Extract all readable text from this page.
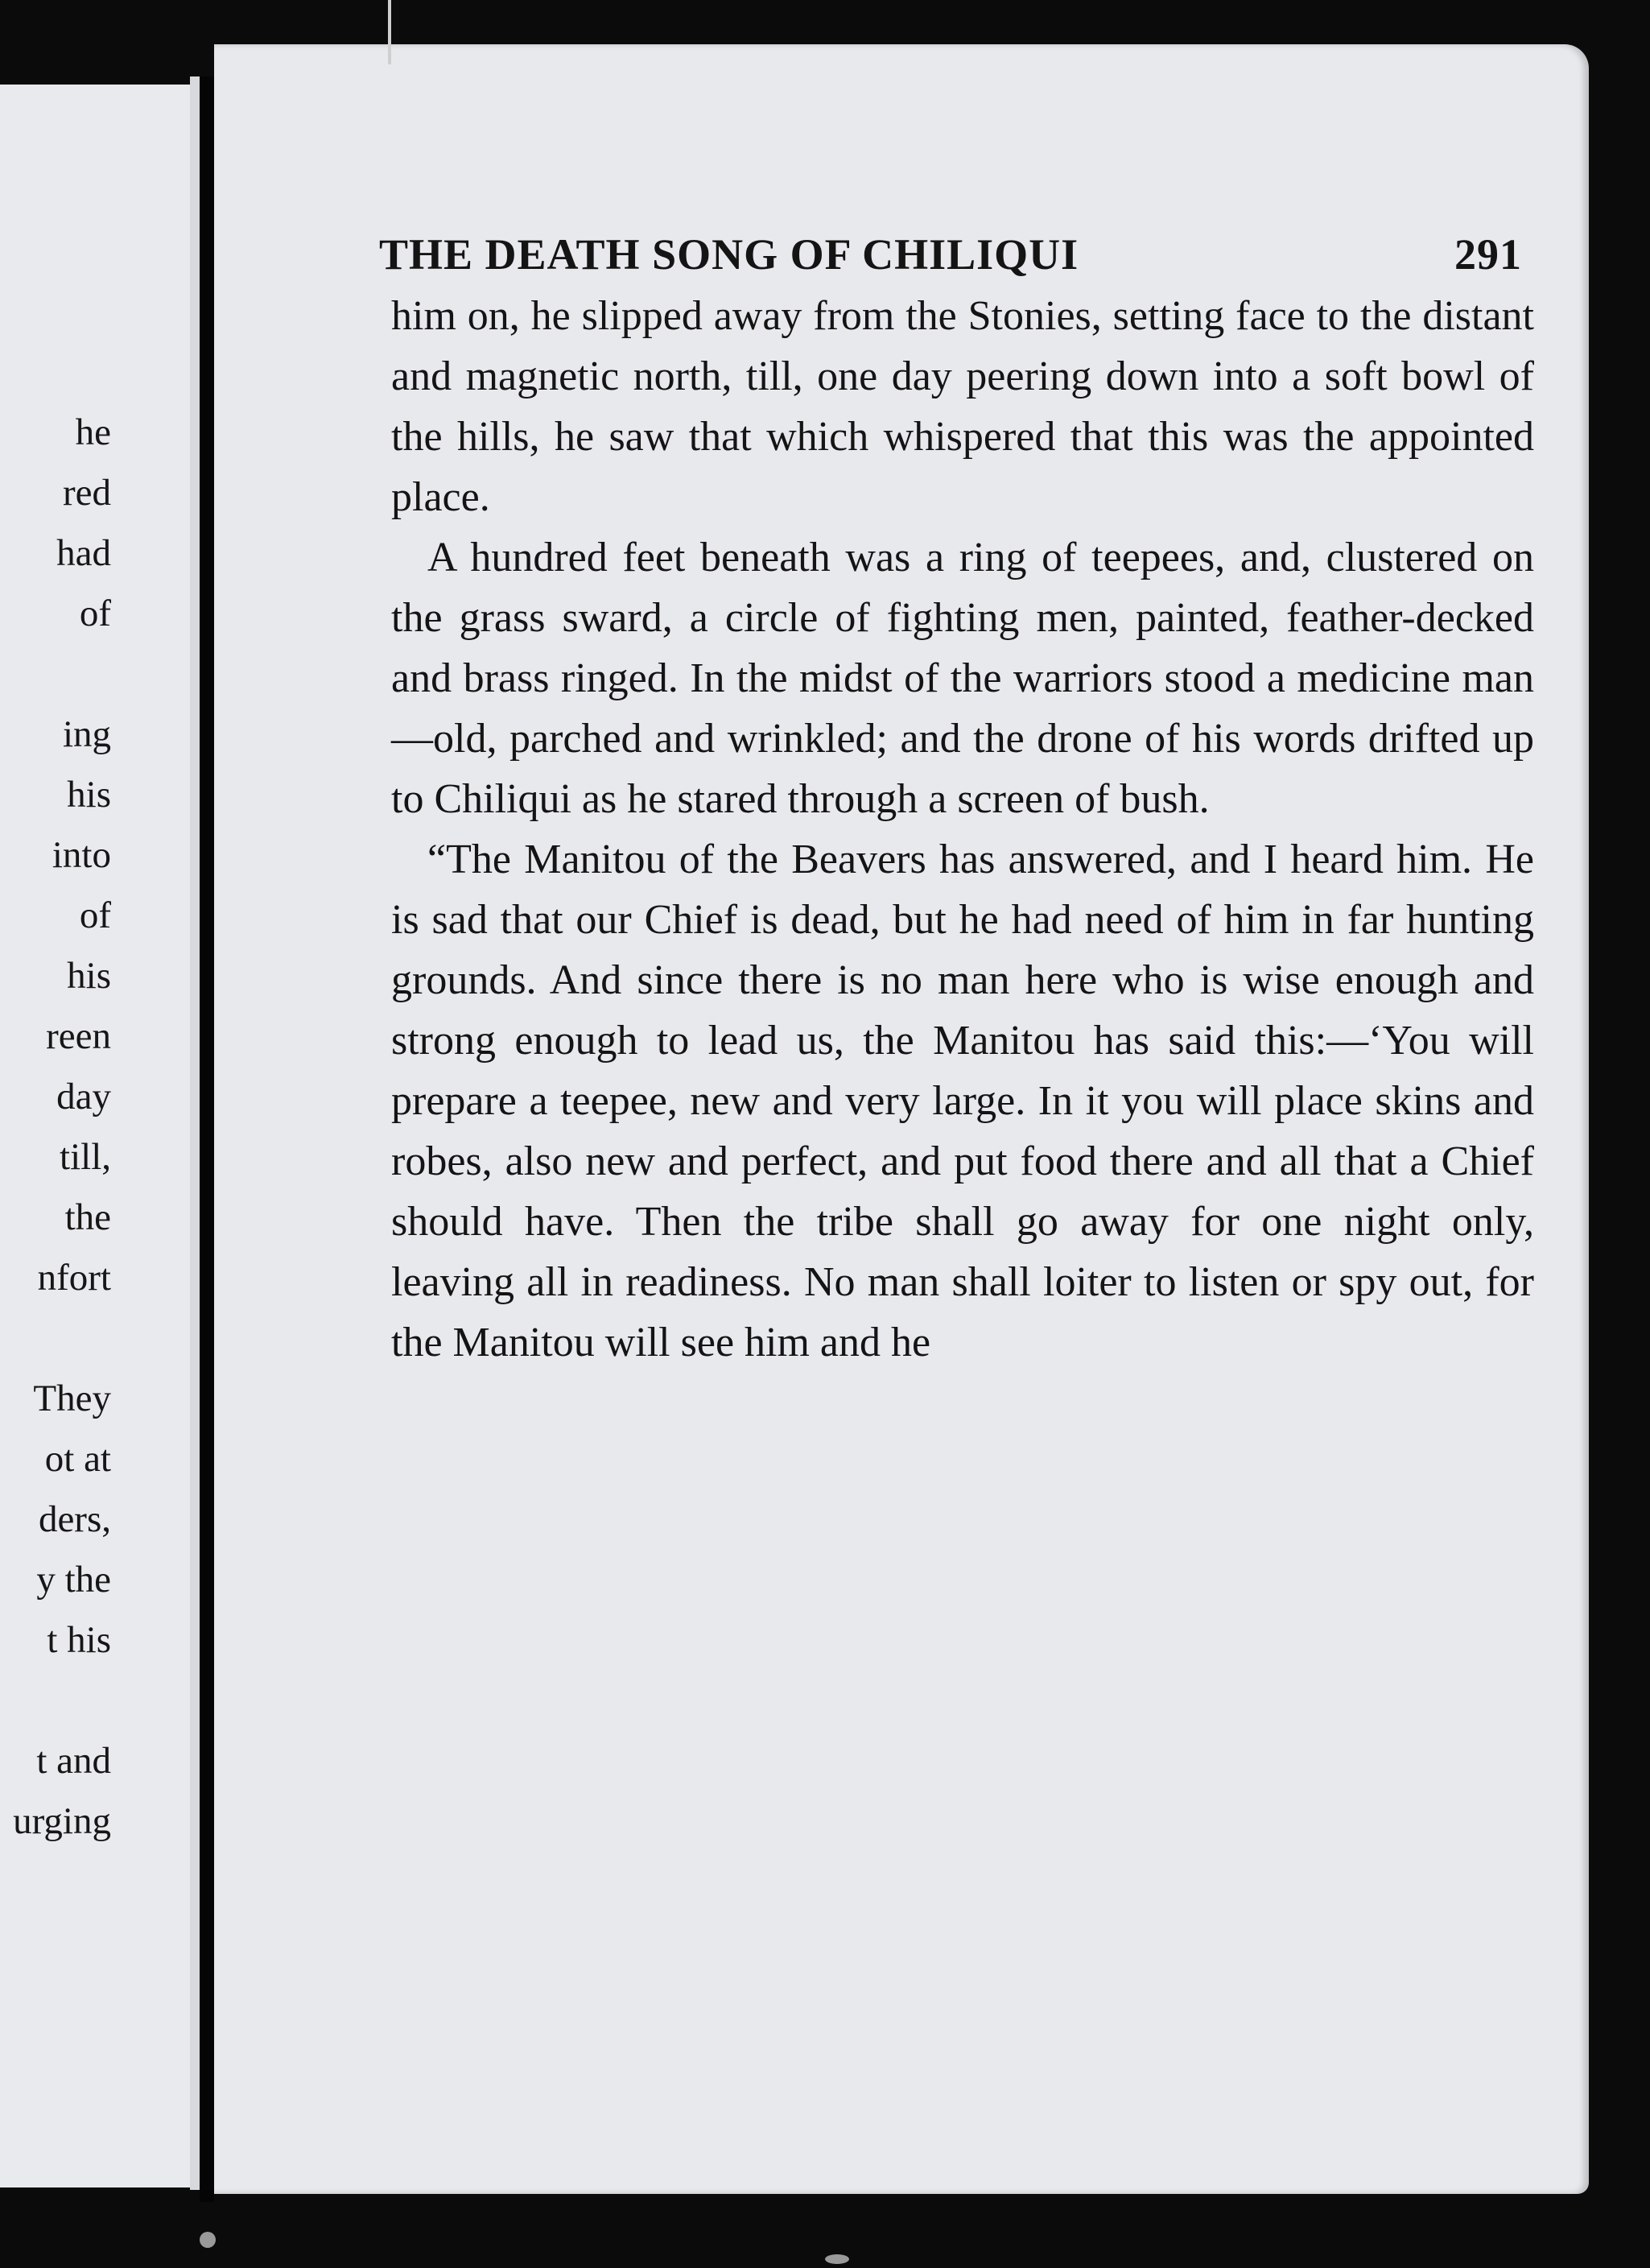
he
red
had
of
ing
his
into
of
his
reen
day
till,
the
nfort
They
ot at
ders,
y the
t his
t and
urging
THE DEATH SONG OF CHILIQUI	291

him on, he slipped away from the Stonies, setting face to the distant and magnetic north, till, one day peering down into a soft bowl of the hills, he saw that which whispered that this was the appointed place.

A hundred feet beneath was a ring of teepees, and, clustered on the grass sward, a circle of fighting men, painted, feather-decked and brass ringed. In the midst of the warriors stood a medicine man—old, parched and wrinkled; and the drone of his words drifted up to Chiliqui as he stared through a screen of bush.

“The Manitou of the Beavers has answered, and I heard him. He is sad that our Chief is dead, but he had need of him in far hunting grounds. And since there is no man here who is wise enough and strong enough to lead us, the Manitou has said this:—‘You will prepare a teepee, new and very large. In it you will place skins and robes, also new and perfect, and put food there and all that a Chief should have. Then the tribe shall go away for one night only, leaving all in readiness. No man shall loiter to listen or spy out, for the Manitou will see him and he
